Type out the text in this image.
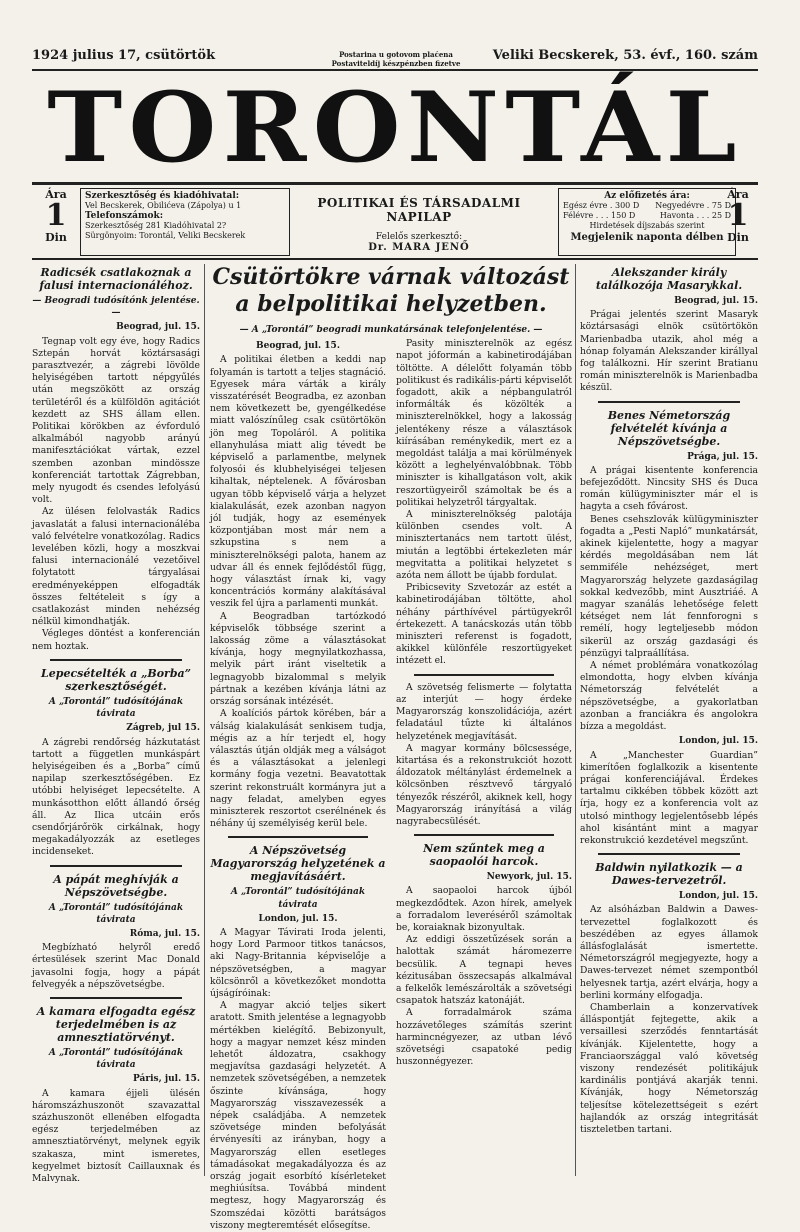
1924 julius 17, csütörtök	Postarina u gotovom plaćena
Postaviteldíj készpénzben fizetve
Veliki Becskerek, 53. évf., 160. szám
TORONTÁL
Ára
1
Din
Szerkesztőség és kiadóhivatal:
Vel Becskerek, Obilićeva (Zápolya) u 1
Telefonszámok:
Szerkesztőség 281 Kiadóhivatal 2?
Sürgönyoim: Torontál, Veliki Becskerek
POLITIKAI ÉS TÁRSADALMI NAPILAP
Felelős szerkesztő:
Dr. MARA JENŐ
Az előfizetés ára:
Egész évre . 300 D Negyedévre . 75 D
Félévre . . . 150 D	Havonta . . . 25 D
Hirdetések díjszabás szerint
Megjelenik naponta délben
Ára
1
Din
Radicsék csatlakoznak a falusi internacionáléhoz.
— Beogradi tudósítónk jelentése. —
Beograd, jul. 15.

Tegnap volt egy éve, hogy Radics Sztepán horvát köztársasági parasztvezér, a zágrebi lövölde helyiségében tartott népgyűlés után megszökött az ország területéről és a külföldön agitációt kezdett az SHS állam ellen. Politikai körökben az évforduló alkalmából nagyobb arányú manifesztációkat vártak, ezzel szemben azonban mindössze konferenciát tartottak Zágrebban, mely nyugodt és csendes lefolyású volt.

Az ülésen felolvasták Radics javaslatát a falusi internacionáléba való felvételre vonatkozólag. Radics levelében közli, hogy a moszkvai falusi internacionálé vezetőivel folytatott tárgyalásai eredményeképpen elfogadták összes feltételeit s így a csatlakozást minden nehézség nélkül kimondhatják.

Végleges döntést a konferencián nem hoztak.

Lepecsételték a „Borba” szerkesztőségét.
A „Torontál” tudósítójának távirata
Zágreb, jul 15.

A zágrebi rendőrség házkutatást tartott a független munkáspárt helyiségeiben és a „Borba” című napilap szerkesztőségében. Ez utóbbi helyiséget lepecsételte. A munkásotthon előtt állandó őrség áll. Az Ilica utcáin erős csendőrjárőrök cirkálnak, hogy megakadályozzák az esetleges incidenseket.

A pápát meghívják a Népszövetségbe.
A „Torontál” tudósítójának távirata
Róma, jul. 15.

Megbízható helyről eredő értesülések szerint Mac Donald javasolni fogja, hogy a pápát felvegyék a népszövetségbe.

A kamara elfogadta egész terjedelmében is az amnesztiatörvényt.
A „Torontál” tudósítójának távirata
Páris, jul. 15.

A kamara éjjeli ülésén háromszázhuszonöt szavazattal százhuszonöt ellenében elfogadta egész terjedelmében az amnesztiatörvényt, melynek egyik szakasza, mint ismeretes, kegyelmet biztosít Caillauxnak és Malvynak.

Csütörtökre várnak változást a belpolitikai helyzetben.
— A „Torontál” beogradi munkatársának telefonjelentése. —
Beograd, jul. 15.

A politikai életben a keddi nap folyamán is tartott a teljes stagnáció. Egyesek mára várták a király visszatérését Beogradba, ez azonban nem következett be, gyengélkedése miatt valószínűleg csak csütörtökön jön meg Topoláról. A politika ellanyhulása miatt alig tévedt be képviselő a parlamentbe, melynek folyosói és klubhelyiségei teljesen kihaltak, néptelenek. A fővárosban ugyan több képviselő várja a helyzet kialakulását, ezek azonban nagyon jól tudják, hogy az események központjában most már nem a szkupstina s nem a miniszterelnökségi palota, hanem az udvar áll és ennek fejlődéstől függ, hogy választást írnak ki, vagy koncentrációs kormány alakításával veszik fel újra a parlamenti munkát.

A Beogradban tartózkodó képviselők többsége szerint a lakosság zöme a választásokat kívánja, hogy megnyilatkozhassa, melyik párt iránt viseltetik a legnagyobb bizalommal s melyik pártnak a kezében kívánja látni az ország sorsának intézését.

A koalíciós pártok körében, bár a válság kialakulását senkisem tudja, mégis az a hír terjedt el, hogy választás útján oldják meg a válságot és a választásokat a jelenlegi kormány fogja vezetni. Beavatottak szerint rekonstruált kormányra jut a nagy feladat, amelyben egyes miniszterek reszortot cserélnének és néhány új személyiség kerül bele.

A Népszövetség Magyarország helyzetének a megjavításáért.
A „Torontál” tudósítójának távirata
London, jul. 15.

A Magyar Távirati Iroda jelenti, hogy Lord Parmoor titkos tanácsos, aki Nagy-Britannia képviselője a népszövetségben, a magyar kölcsönről a következőket mondotta újságíróinak:

A magyar akció teljes sikert aratott. Smith jelentése a legnagyobb mértékben kielégítő. Bebizonyult, hogy a magyar nemzet kész minden lehetőt áldozatra, csakhogy megjavítsa gazdasági helyzetét. A nemzetek szövetségében, a nemzetek őszinte kívánsága, hogy Magyarország visszavezessék a népek családjába. A nemzetek szövetsége minden befolyását érvényesíti az irányban, hogy a Magyarország ellen esetleges támadásokat megakadályozza és az ország jogait esorbító kísérleteket meghiúsítsa. Továbbá mindent megtesz, hogy Magyarország és Szomszédai közötti barátságos viszony megteremtését elősegítse.

Pasity miniszterelnök az egész napot jóformán a kabinetirodájában töltötte. A délelőtt folyamán több politikust és radikális-párti képviselőt fogadott, akik a népbangulatról informálták és közölték a miniszterelnökkel, hogy a lakosság jelentékeny része a választások kiírásában reménykedik, mert ez a megoldást találja a mai körülmények között a leghelyénvalóbbnak. Több miniszter is kihallgatáson volt, akik reszortügyeiről számoltak be és a politikai helyzetről tárgyaltak.

A miniszterelnökség palotája különben csendes volt. A minisztertanács nem tartott ülést, miután a legtöbbi értekezleten már megvitatta a politikai helyzetet s azóta nem állott be újabb fordulat.

Pribicsevity Szvetozár az estét a kabinetirodájában töltötte, ahol néhány párthívével pártügyekről értekezett. A tanácskozás után több miniszteri referenst is fogadott, akikkel különféle reszortügyeket intézett el.

A szövetség felismerte — folytatta az interjút — hogy érdeke Magyarország konszolidációja, azért feladatául tűzte ki általános helyzetének megjavítását.

A magyar kormány bölcsessége, kitartása és a rekonstrukciót hozott áldozatok méltánylást érdemelnek a kölcsönben résztvevő tárgyaló tényezők részéről, akiknek kell, hogy Magyarország irányításá a világ nagyrabecsülését.

Nem szűntek meg a saopaolói harcok.
Newyork, jul. 15.

A saopaoloi harcok újból megkezdődtek. Azon hírek, amelyek a forradalom leveréséről számoltak be, koraiaknak bizonyultak.

Az eddigi összetűzések során a halottak számát háromezerre becsülik. A tegnapi heves kézitusában összecsapás alkalmával a felkelők lemészárolták a szövetségi csapatok hatszáz katonáját.

A forradalmárok száma hozzávetőleges számítás szerint harmincnégyezer, az utban lévő szövetségi csapatoké pedig huszonnégyezer.

Alekszander király találkozója Masarykkal.
Beograd, jul. 15.

Prágai jelentés szerint Masaryk köztársasági elnök csütörtökön Marienbadba utazik, ahol még a hónap folyamán Alekszander királlyal fog találkozni. Hír szerint Bratianu román miniszterelnök is Marienbadba készül.

Benes Németország felvételét kívánja a Népszövetségbe.
Prága, jul. 15.

A prágai kisentente konferencia befejeződött. Nincsity SHS és Duca román külügyminiszter már el is hagyta a cseh fővárost.

Benes csehszlovák külügyminiszter fogadta a „Pesti Napló” munkatársát, akinek kijelentette, hogy a magyar kérdés megoldásában nem lát semmiféle nehézséget, mert Magyarország helyzete gazdaságilag sokkal kedvezőbb, mint Ausztriáé. A magyar szanálás lehetősége felett kétséget nem lát fennforogni s remélí, hogy legteljesebb módon sikerül az ország gazdasági és pénzügyi talpraállítása.

A német problémára vonatkozólag elmondotta, hogy elvben kívánja Németország felvételét a népszövetségbe, a gyakorlatban azonban a franciákra és angolokra bízza a megoldást.

London, jul. 15.

A „Manchester Guardian” kimerítően foglalkozik a kisentente prágai konferenciájával. Érdekes tartalmu cikkében többek között azt írja, hogy ez a konferencia volt az utolsó minthogy legjelentősebb lépés ahol kisántánt mint a magyar rekonstrukció kezdetével megszűnt.

Baldwin nyilatkozik — a Dawes-tervezetről.
London, jul. 15.

Az alsóházban Baldwin a Dawes-tervezettel foglalkozott és beszédében az egyes államok állásfoglalását ismertette. Németországról megjegyezte, hogy a Dawes-tervezet német szempontból helyesnek tartja, azért elvárja, hogy a berlini kormány elfogadja.

Chamberlain a konzervatívek álláspontját fejtegette, akik a versaillesi szerződés fenntartását kívánják. Kijelentette, hogy a Franciaországgal való követség viszony rendezését politikájuk kardinális pontjává akarják tenni. Kívánják, hogy Németország teljesítse kötelezettségeit s ezért hajlandók az ország integritását tiszteletben tartani.
